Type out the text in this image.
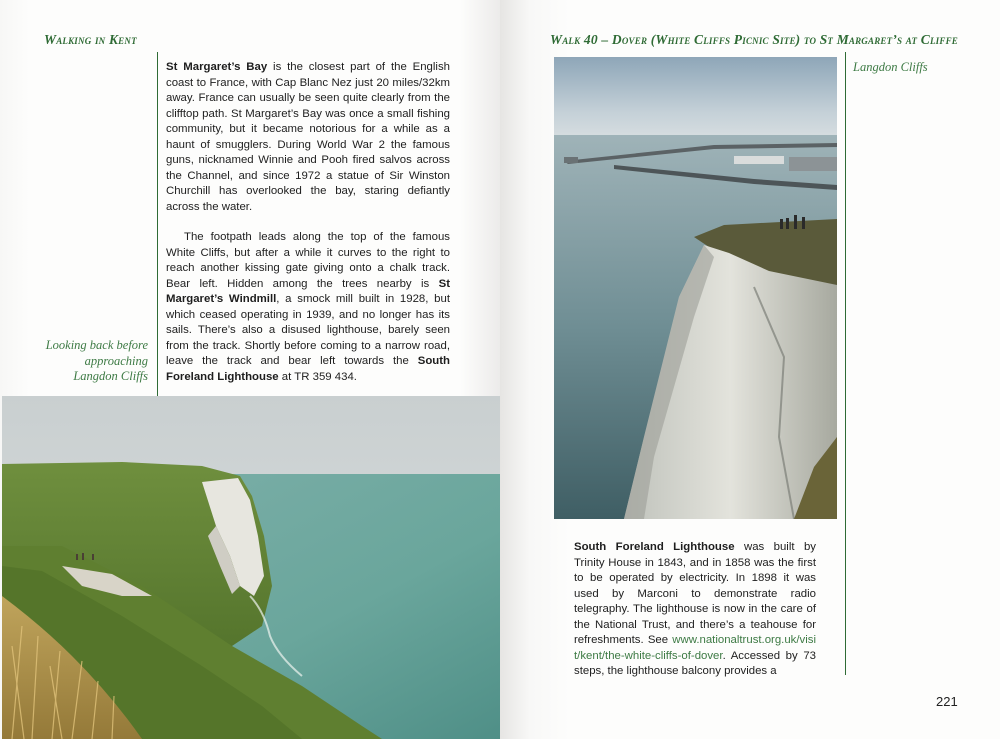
Walking in Kent

St Margaret’s Bay is the closest part of the English coast to France, with Cap Blanc Nez just 20 miles/32km away. France can usually be seen quite clearly from the clifftop path. St Margaret’s Bay was once a small fishing community, but it became notorious for a while as a haunt of smugglers. During World War 2 the famous guns, nicknamed Winnie and Pooh fired salvos across the Channel, and since 1972 a statue of Sir Winston Churchill has overlooked the bay, staring defiantly across the water.

The footpath leads along the top of the famous White Cliffs, but after a while it curves to the right to reach another kissing gate giving onto a chalk track. Bear left. Hidden among the trees nearby is St Margaret’s Windmill, a smock mill built in 1928, but which ceased operating in 1939, and no longer has its sails. There’s also a disused lighthouse, barely seen from the track. Shortly before coming to a narrow road, leave the track and bear left towards the South Foreland Lighthouse at TR 359 434.

Looking back before approaching Langdon Cliffs
Walk 40 – Dover (White Cliffs Picnic Site) to St Margaret’s at Cliffe
Langdon Cliffs

South Foreland Lighthouse was built by Trinity House in 1843, and in 1858 was the first to be operated by electricity. In 1898 it was used by Marconi to demonstrate radio telegraphy. The lighthouse is now in the care of the National Trust, and there’s a teahouse for refreshments. See www.nationaltrust.org.uk/visit/kent/the-white-cliffs-of-dover. Accessed by 73 steps, the lighthouse balcony provides a

221
